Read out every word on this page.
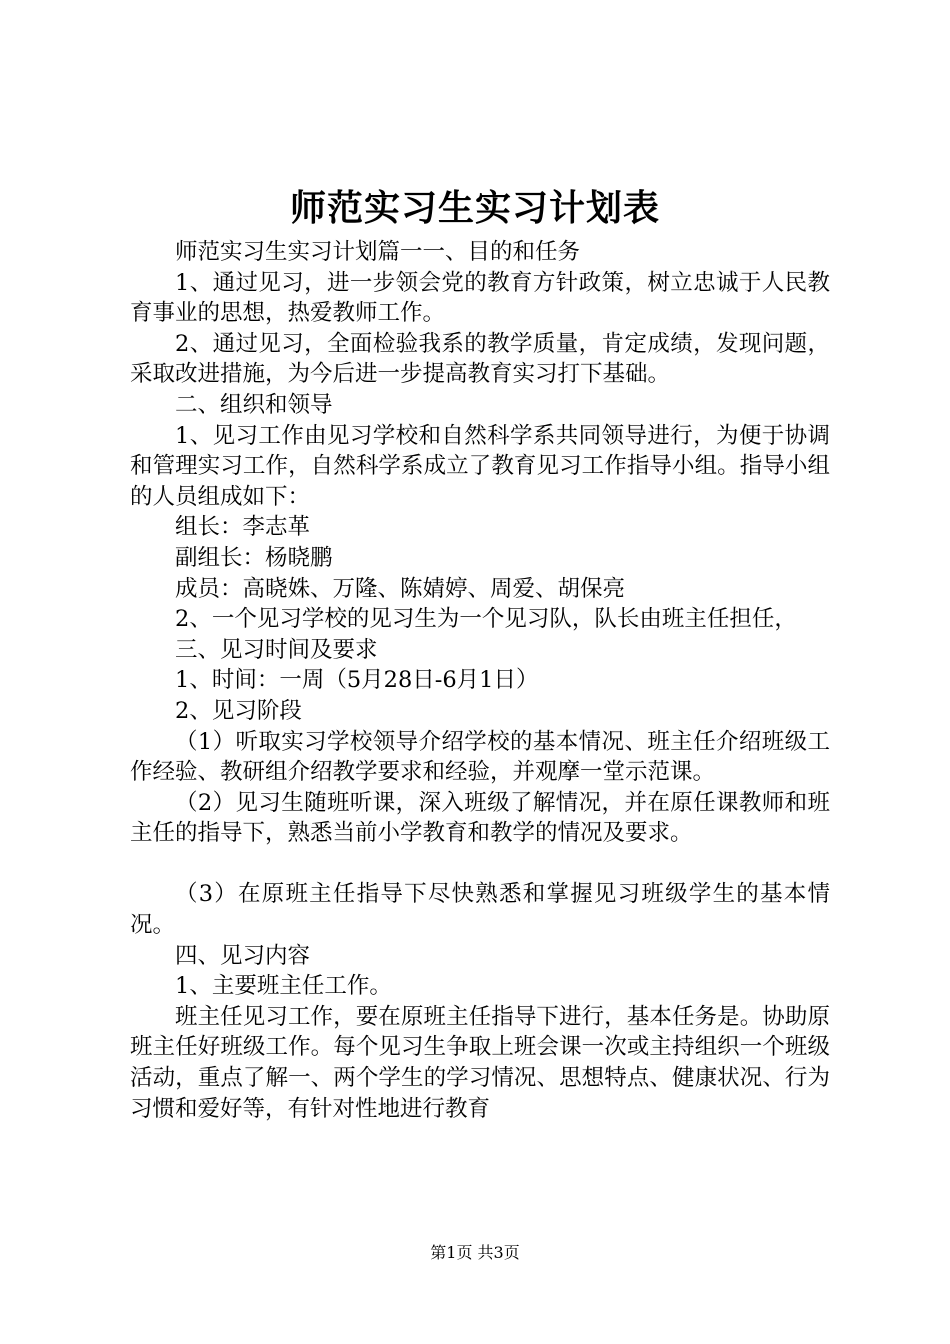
师范实习生实习计划表

师范实习生实习计划篇一一、目的和任务

1、通过见习，进一步领会党的教育方针政策，树立忠诚于人民教育事业的思想，热爱教师工作。

2、通过见习，全面检验我系的教学质量，肯定成绩，发现问题，采取改进措施，为今后进一步提高教育实习打下基础。

二、组织和领导

1、见习工作由见习学校和自然科学系共同领导进行，为便于协调和管理实习工作，自然科学系成立了教育见习工作指导小组。指导小组的人员组成如下：

组长：李志革

副组长：杨晓鹏

成员：高晓姝、万隆、陈婧婷、周爱、胡保亮

2、一个见习学校的见习生为一个见习队，队长由班主任担任，

三、见习时间及要求

1、时间：一周（5月28日-6月1日）

2、见习阶段

（1）听取实习学校领导介绍学校的基本情况、班主任介绍班级工作经验、教研组介绍教学要求和经验，并观摩一堂示范课。

（2）见习生随班听课，深入班级了解情况，并在原任课教师和班主任的指导下，熟悉当前小学教育和教学的情况及要求。

（3）在原班主任指导下尽快熟悉和掌握见习班级学生的基本情况。

四、见习内容

1、主要班主任工作。

班主任见习工作，要在原班主任指导下进行，基本任务是。协助原班主任好班级工作。每个见习生争取上班会课一次或主持组织一个班级活动，重点了解一、两个学生的学习情况、思想特点、健康状况、行为习惯和爱好等，有针对性地进行教育

第1页 共3页
